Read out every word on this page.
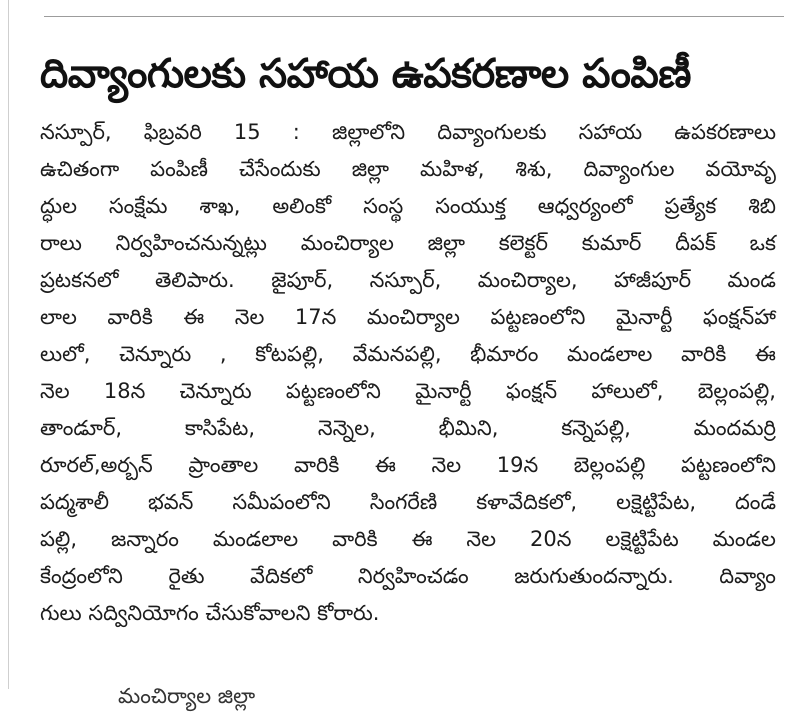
దివ్యాంగులకు సహాయ ఉపకరణాల పంపిణీ
నస్పూర్, ఫిబ్రవరి 15 : జిల్లాలోని దివ్యాంగులకు సహాయ ఉపకరణాలు
ఉచితంగా పంపిణీ చేసేందుకు జిల్లా మహిళ, శిశు, దివ్యాంగుల వయోవృ
ద్ధుల సంక్షేమ శాఖ, అలింకో సంస్థ సంయుక్త ఆధ్వర్యంలో ప్రత్యేక శిబి
రాలు నిర్వహించనున్నట్లు మంచిర్యాల జిల్లా కలెక్టర్ కుమార్ దీపక్ ఒక
ప్రటకనలో తెలిపారు. జైపూర్, నస్పూర్, మంచిర్యాల, హాజీపూర్ మండ
లాల వారికి ఈ నెల 17న మంచిర్యాల పట్టణంలోని మైనార్టీ ఫంక్షన్‌హా
లులో, చెన్నూరు , కోటపల్లి, వేమనపల్లి, భీమారం మండలాల వారికి ఈ
నెల 18న చెన్నూరు పట్టణంలోని మైనార్టీ ఫంక్షన్ హాలులో, బెల్లంపల్లి,
తాండూర్,	కాసిపేట,	నెన్నెల,	భీమిని,	కన్నెపల్లి,	మందమర్రి
రూరల్,అర్బన్ ప్రాంతాల వారికి ఈ నెల 19న బెల్లంపల్లి పట్టణంలోని
పద్మశాలీ భవన్ సమీపంలోని సింగరేణి కళావేదికలో, లక్షెట్టిపేట, దండే
పల్లి, జన్నారం మండలాల వారికి ఈ నెల 20న లక్షెట్టిపేట మండల
కేంద్రంలోని రైతు వేదికలో నిర్వహించడం జరుగుతుందన్నారు. దివ్యాం
గులు సద్వినియోగం చేసుకోవాలని కోరారు.
మంచిర్యాల జిల్లా
